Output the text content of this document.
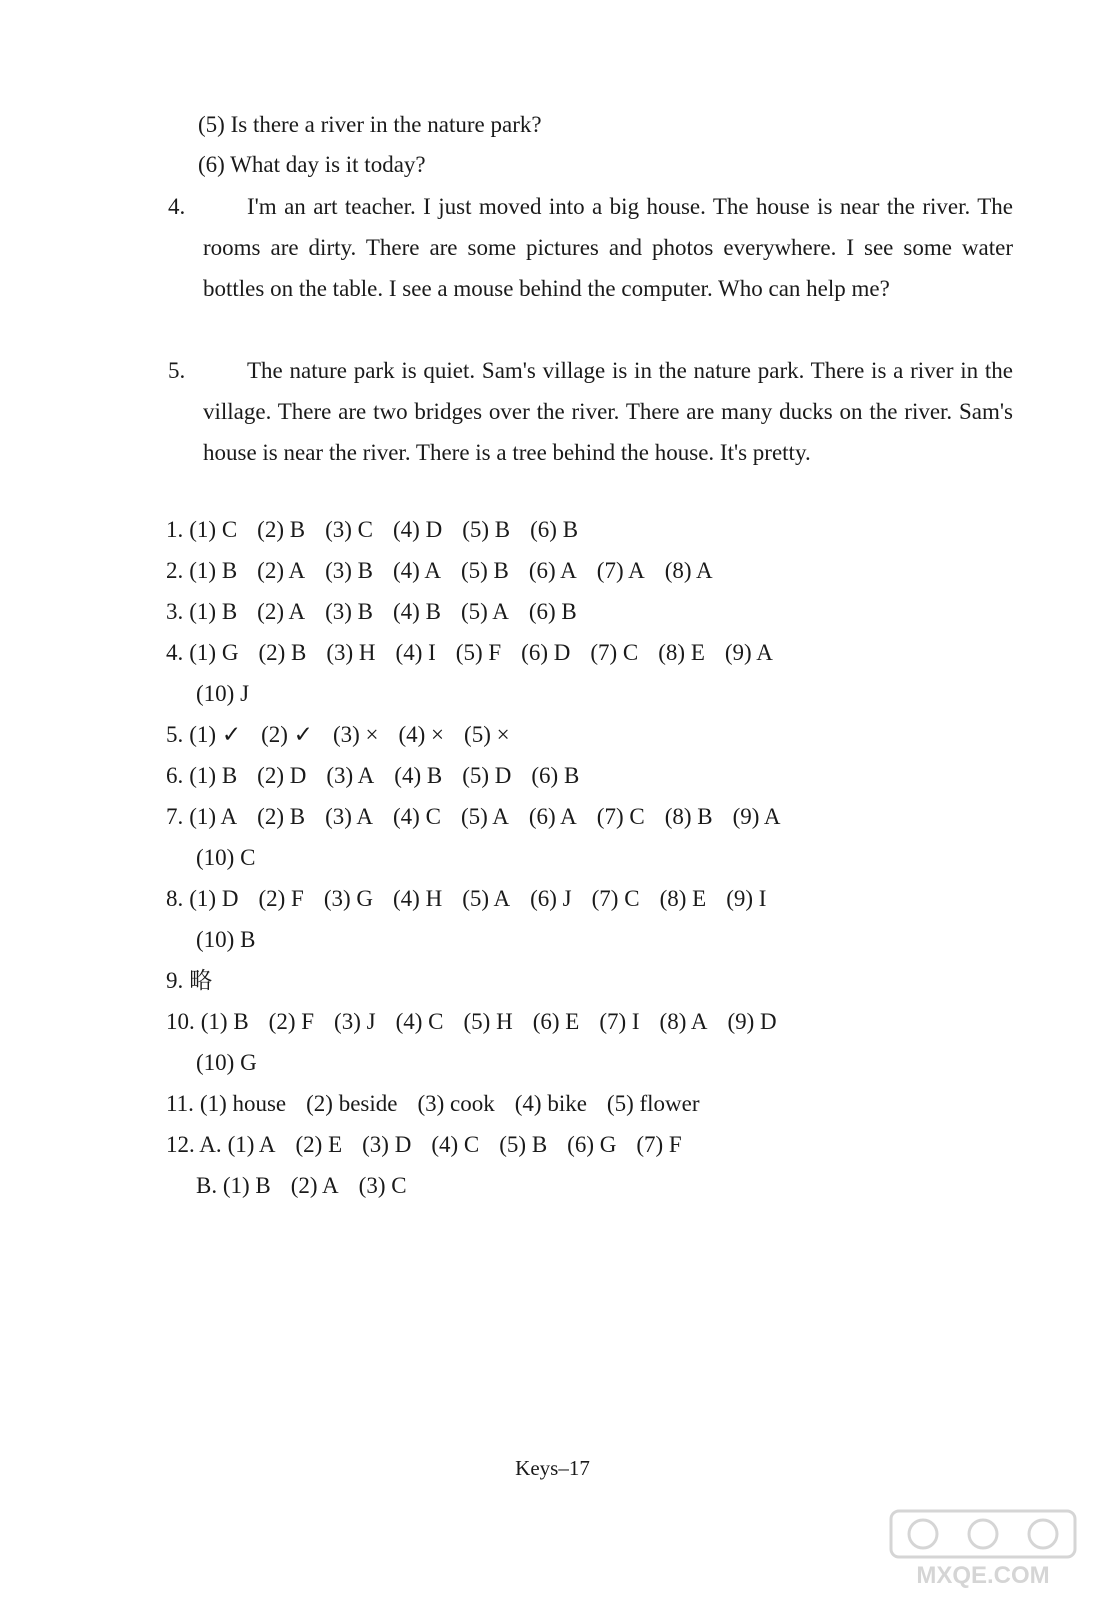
(5) Is there a river in the nature park?
(6) What day is it today?
4.	I'm an art teacher. I just moved into a big house. The house is near the river. The rooms are dirty. There are some pictures and photos everywhere. I see some water bottles on the table. I see a mouse behind the computer. Who can help me?
5.	The nature park is quiet. Sam's village is in the nature park. There is a river in the village. There are two bridges over the river. There are many ducks on the river. Sam's house is near the river. There is a tree behind the house. It's pretty.
1. (1) C (2) B (3) C (4) D (5) B (6) B
2. (1) B (2) A (3) B (4) A (5) B (6) A (7) A (8) A
3. (1) B (2) A (3) B (4) B (5) A (6) B
4. (1) G (2) B (3) H (4) I (5) F (6) D (7) C (8) E (9) A
(10) J
5. (1) ✓ (2) ✓ (3) × (4) × (5) ×
6. (1) B (2) D (3) A (4) B (5) D (6) B
7. (1) A (2) B (3) A (4) C (5) A (6) A (7) C (8) B (9) A
(10) C
8. (1) D (2) F (3) G (4) H (5) A (6) J (7) C (8) E (9) I
(10) B
9. 略
10. (1) B (2) F (3) J (4) C (5) H (6) E (7) I (8) A (9) D
(10) G
11. (1) house (2) beside (3) cook (4) bike (5) flower
12. A. (1) A (2) E (3) D (4) C (5) B (6) G (7) F
B. (1) B (2) A (3) C
Keys–17
MXQE.COM
